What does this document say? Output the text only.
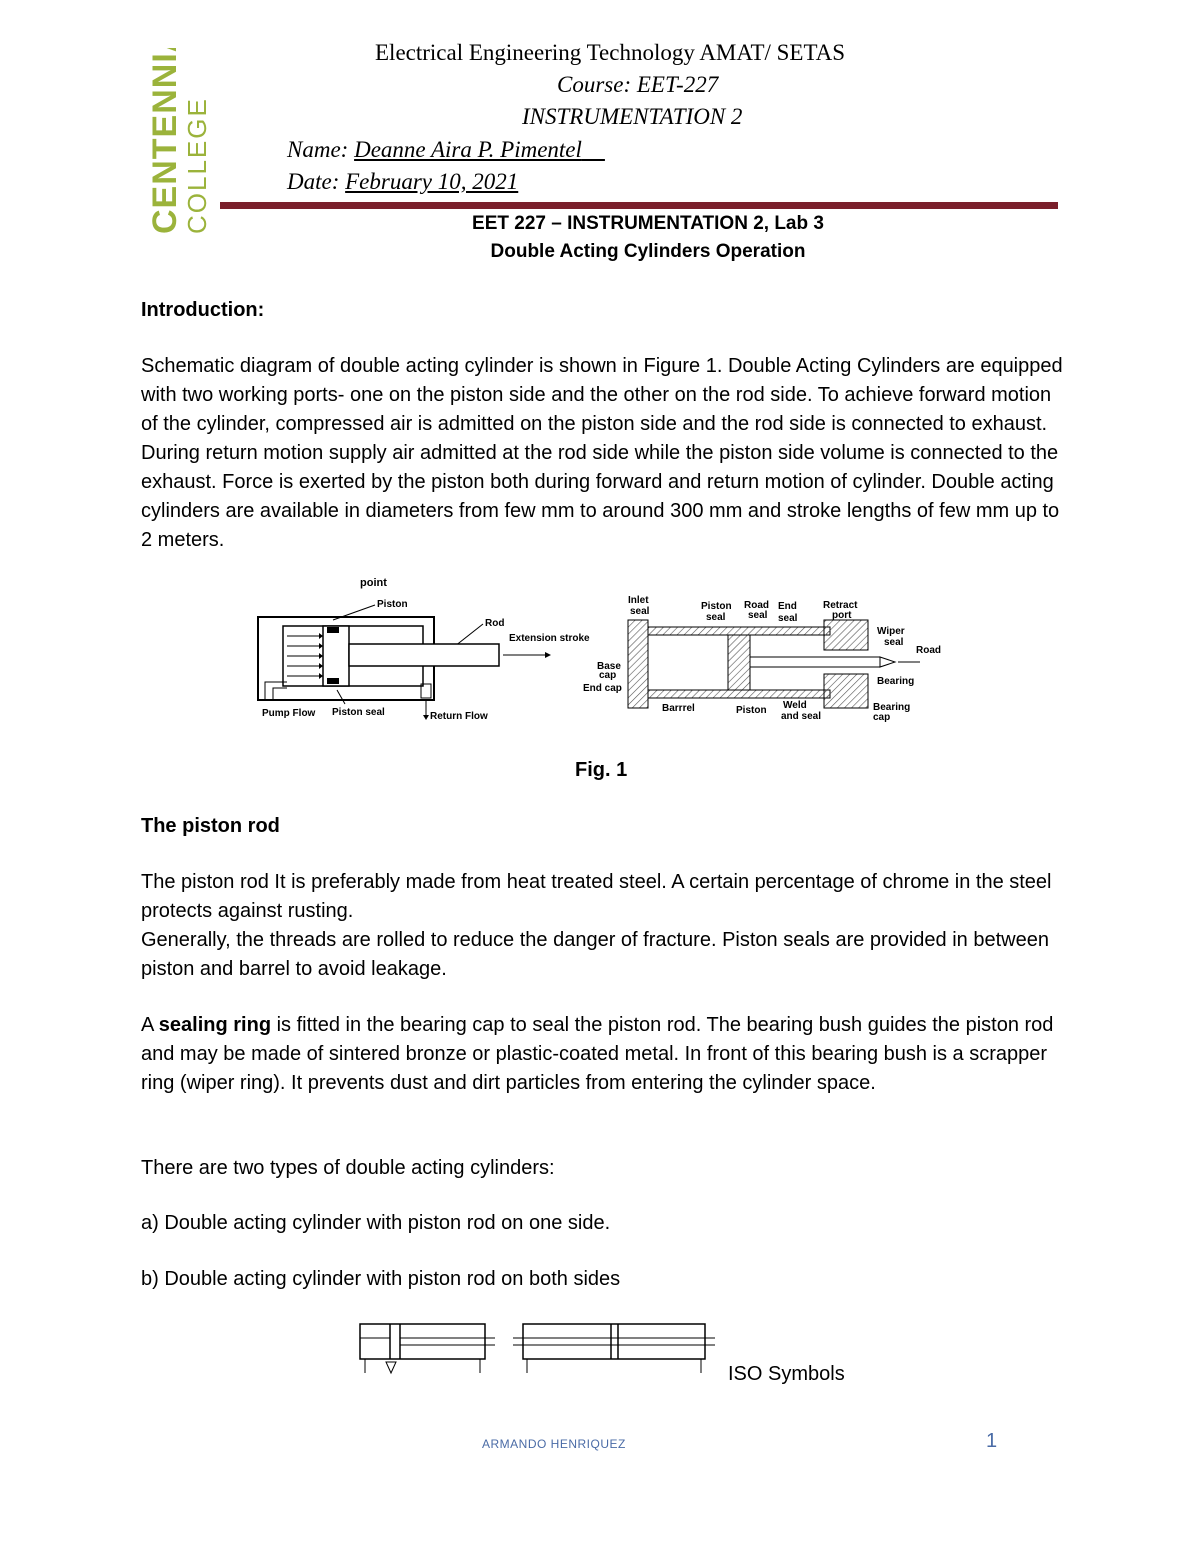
CENTENNIAL
COLLEGE
Electrical Engineering Technology AMAT/ SETAS
Course: EET-227
INSTRUMENTATION 2
Name: Deanne Aira P. Pimentel
Date: February 10, 2021
EET 227 – INSTRUMENTATION 2, Lab 3
Double Acting Cylinders Operation
Introduction:
Schematic diagram of double acting cylinder is shown in Figure 1. Double Acting Cylinders are equipped with two working ports- one on the piston side and the other on the rod side. To achieve forward motion of the cylinder, compressed air is admitted on the piston side and the rod side is connected to exhaust. During return motion supply air admitted at the rod side while the piston side volume is connected to the exhaust. Force is exerted by the piston both during forward and return motion of cylinder. Double acting cylinders are available in diameters from few mm to around 300 mm and stroke lengths of few mm up to 2 meters.
point
Piston
Rod
Extension stroke
Pump Flow Piston seal	Return Flow
Inlet
seal	Piston
seal
Road
seal
End
seal
Retract
port
Wiper
seal
Road
Base
cap
End cap
Bearing
Barrrel	Piston Weld
and seal
Bearing
cap
Fig. 1
The piston rod
The piston rod It is preferably made from heat treated steel. A certain percentage of chrome in the steel protects against rusting.
Generally, the threads are rolled to reduce the danger of fracture. Piston seals are provided in between piston and barrel to avoid leakage.
A sealing ring is fitted in the bearing cap to seal the piston rod. The bearing bush guides the piston rod and may be made of sintered bronze or plastic-coated metal. In front of this bearing bush is a scrapper ring (wiper ring). It prevents dust and dirt particles from entering the cylinder space.
There are two types of double acting cylinders:
a) Double acting cylinder with piston rod on one side.
b) Double acting cylinder with piston rod on both sides
ISO Symbols
ARMANDO HENRIQUEZ	1
